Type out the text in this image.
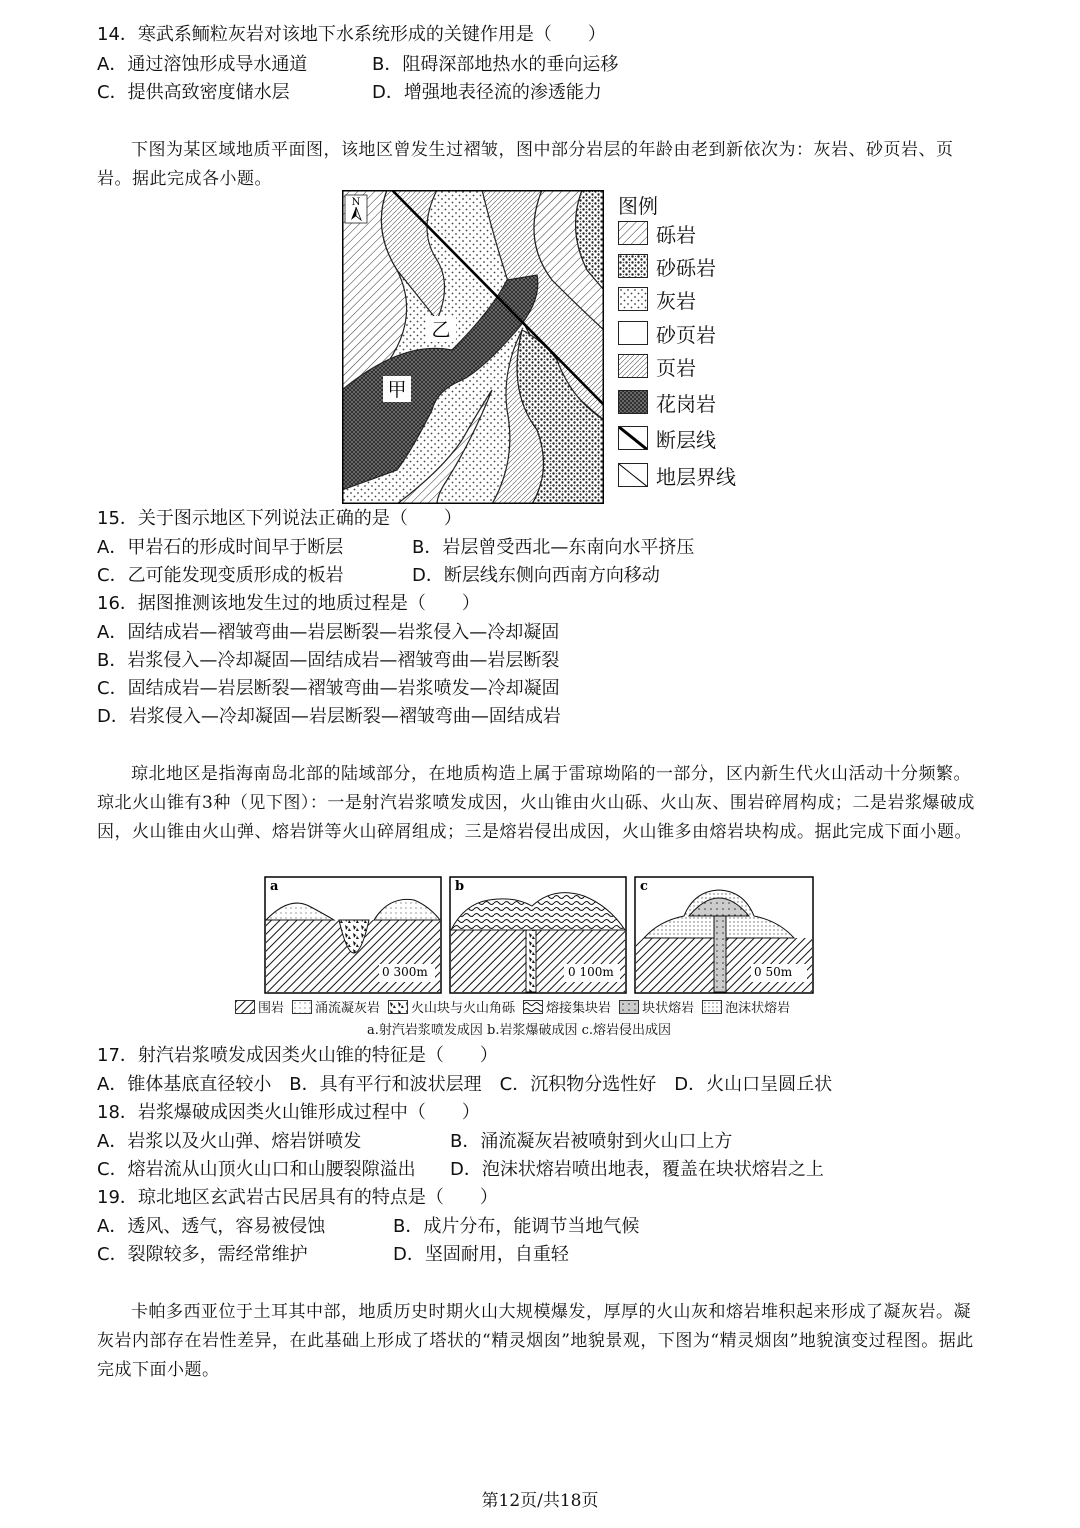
14．寒武系鲕粒灰岩对该地下水系统形成的关键作用是（　　）
A．通过溶蚀形成导水通道	B．阻碍深部地热水的垂向运移
C．提供高致密度储水层	D．增强地表径流的渗透能力
下图为某区域地质平面图，该地区曾发生过褶皱，图中部分岩层的年龄由老到新依次为：灰岩、砂页岩、页岩。据此完成各小题。
N
乙
甲
图例
砾岩
砂砾岩
灰岩
砂页岩
页岩
花岗岩
断层线
地层界线
15．关于图示地区下列说法正确的是（　　）
A．甲岩石的形成时间早于断层	B．岩层曾受西北—东南向水平挤压
C．乙可能发现变质形成的板岩	D．断层线东侧向西南方向移动
16．据图推测该地发生过的地质过程是（　　）
A．固结成岩—褶皱弯曲—岩层断裂—岩浆侵入—冷却凝固
B．岩浆侵入—冷却凝固—固结成岩—褶皱弯曲—岩层断裂
C．固结成岩—岩层断裂—褶皱弯曲—岩浆喷发—冷却凝固
D．岩浆侵入—冷却凝固—岩层断裂—褶皱弯曲—固结成岩
琼北地区是指海南岛北部的陆域部分，在地质构造上属于雷琼坳陷的一部分，区内新生代火山活动十分频繁。琼北火山锥有3种（见下图）：一是射汽岩浆喷发成因，火山锥由火山砾、火山灰、围岩碎屑构成；二是岩浆爆破成因，火山锥由火山弹、熔岩饼等火山碎屑组成；三是熔岩侵出成因，火山锥多由熔岩块构成。据此完成下面小题。
a
0 300m
b
0 100m
c
0 50m
围岩 涌流凝灰岩 火山块与火山角砾 熔接集块岩 块状熔岩 泡沫状熔岩
a.射汽岩浆喷发成因 b.岩浆爆破成因 c.熔岩侵出成因
17．射汽岩浆喷发成因类火山锥的特征是（　　）
A．锥体基底直径较小　B．具有平行和波状层理　C．沉积物分选性好　D．火山口呈圆丘状
18．岩浆爆破成因类火山锥形成过程中（　　）
A．岩浆以及火山弹、熔岩饼喷发	B．涌流凝灰岩被喷射到火山口上方
C．熔岩流从山顶火山口和山腰裂隙溢出 D．泡沫状熔岩喷出地表，覆盖在块状熔岩之上
19．琼北地区玄武岩古民居具有的特点是（　　）
A．透风、透气，容易被侵蚀	B．成片分布，能调节当地气候
C．裂隙较多，需经常维护	D．坚固耐用，自重轻
卡帕多西亚位于土耳其中部，地质历史时期火山大规模爆发，厚厚的火山灰和熔岩堆积起来形成了凝灰岩。凝灰岩内部存在岩性差异，在此基础上形成了塔状的“精灵烟囱”地貌景观，下图为“精灵烟囱”地貌演变过程图。据此完成下面小题。
第12页/共18页
